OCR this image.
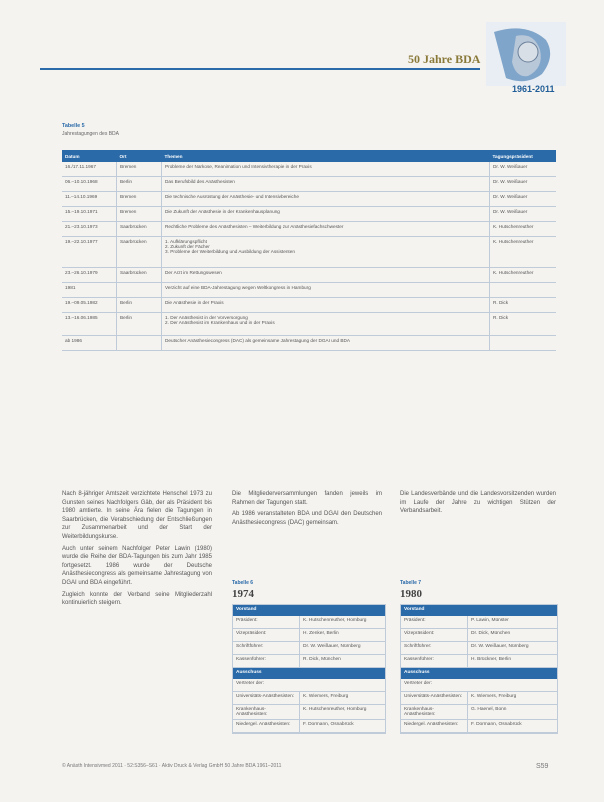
50 Jahre BDA
1961-2011
Tabelle 5
Jahrestagungen des BDA
Datum	Ort	Themen	Tagungspräsident
16./17.11.1967	Bremen	Probleme der Narkose, Reanimation und Intensivtherapie in der Praxis	Dr. W. Weißauer
06.–10.10.1968	Berlin	Das Berufsbild des Anästhesisten	Dr. W. Weißauer
11.–14.10.1969	Bremen	Die technische Ausrüstung der Anästhesie- und Intensivbereiche	Dr. W. Weißauer
15.–19.10.1971	Bremen	Die Zukunft der Anästhesie in der Krankenhausplanung	Dr. W. Weißauer
21.–23.10.1973	Saarbrücken	Rechtliche Probleme des Anästhesisten – Weiterbildung zur Anästhesiefachschwester	K. Hutschenreuther
19.–22.10.1977	Saarbrücken	1. Aufklärungspflicht
2. Zukunft der Fächer
3. Probleme der Weiterbildung und Ausbildung der Assistenten	K. Hutschenreuther
23.–26.10.1979	Saarbrücken	Der Arzt im Rettungswesen	K. Hutschenreuther
1981		Verzicht auf eine BDA-Jahrestagung wegen Weltkongress in Hamburg	

19.–09.05.1982	Berlin	Die Anästhesie in der Praxis	R. Dick
13.–16.06.1985	Berlin	1. Der Anästhesist in der Vorversorgung
2. Der Anästhesist im Krankenhaus und in der Praxis	R. Dick
ab 1986		Deutscher Anästhesiecongress (DAC) als gemeinsame Jahrestagung der DGAI und BDA	

Nach 8-jähriger Amtszeit verzichtete Henschel 1973 zu Gunsten seines Nachfolgers Gäb, der als Präsident bis 1980 amtierte. In seine Ära fielen die Tagungen in Saarbrücken, die Verabschiedung der Entschließungen zur Zusammenarbeit und der Start der Weiterbildungskurse.

Auch unter seinem Nachfolger Peter Lawin (1980) wurde die Reihe der BDA-Tagungen bis zum Jahr 1985 fortgesetzt. 1986 wurde der Deutsche Anästhesiecongress als gemeinsame Jahrestagung von DGAI und BDA eingeführt.

Zugleich konnte der Verband seine Mitgliederzahl kontinuierlich steigern.

Die Mitgliederversammlungen fanden jeweils im Rahmen der Tagungen statt.

Ab 1986 veranstalteten BDA und DGAI den Deutschen Anästhesiecongress (DAC) gemeinsam.

Die Landesverbände und die Landesvorsitzenden wurden im Laufe der Jahre zu wichtigen Stützen der Verbandsarbeit.

Tabelle 6
1974
Vorstand
Präsident:	K. Hutschenreuther, Homburg
Vizepräsident:	H. Zenker, Berlin
Schriftführer:	Dr. W. Weißauer, Nürnberg
Kassenführer:	R. Dick, München
Ausschuss
Vertreter der:
Universitäts-Anästhesisten:	K. Wiemers, Freiburg
Krankenhaus-Anästhesisten:
K. Hutschenreuther, Homburg
Niedergel. Anästhesisten:	F. Dormann, Osnabrück
Tabelle 7
1980
Vorstand
Präsident:	P. Lawin, Münster
Vizepräsident:	Dr. Dick, München
Schriftführer:	Dr. W. Weißauer, Nürnberg
Kassenführer:	H. Brückner, Berlin
Ausschuss
Vertreter der:
Universitäts-Anästhesisten:	K. Wiemers, Freiburg
Krankenhaus-Anästhesisten:
G. Haenel, Bonn
Niedergel. Anästhesisten:	F. Dormann, Osnabrück
© Anästh Intensivmed 2011 · 52:S356–S61 · Aktiv Druck & Verlag GmbH 50 Jahre BDA 1961–2011	S59
